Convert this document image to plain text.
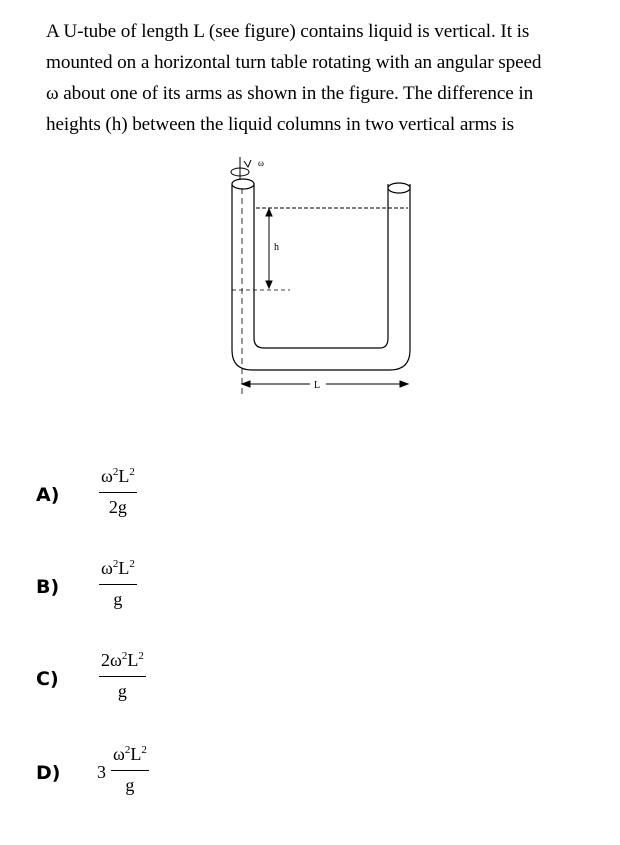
A U-tube of length L (see figure) contains liquid is vertical. It is
mounted on a horizontal turn table rotating with an angular speed
ω about one of its arms as shown in the figure. The difference in
heights (h) between the liquid columns in two vertical arms is
ω
h
L
A)
$\omega^2L^2$
2g
B)
$\omega^2L^2$
g
C)
$2\omega^2L^2$
g
D) 3
$\omega^2L^2$
g
